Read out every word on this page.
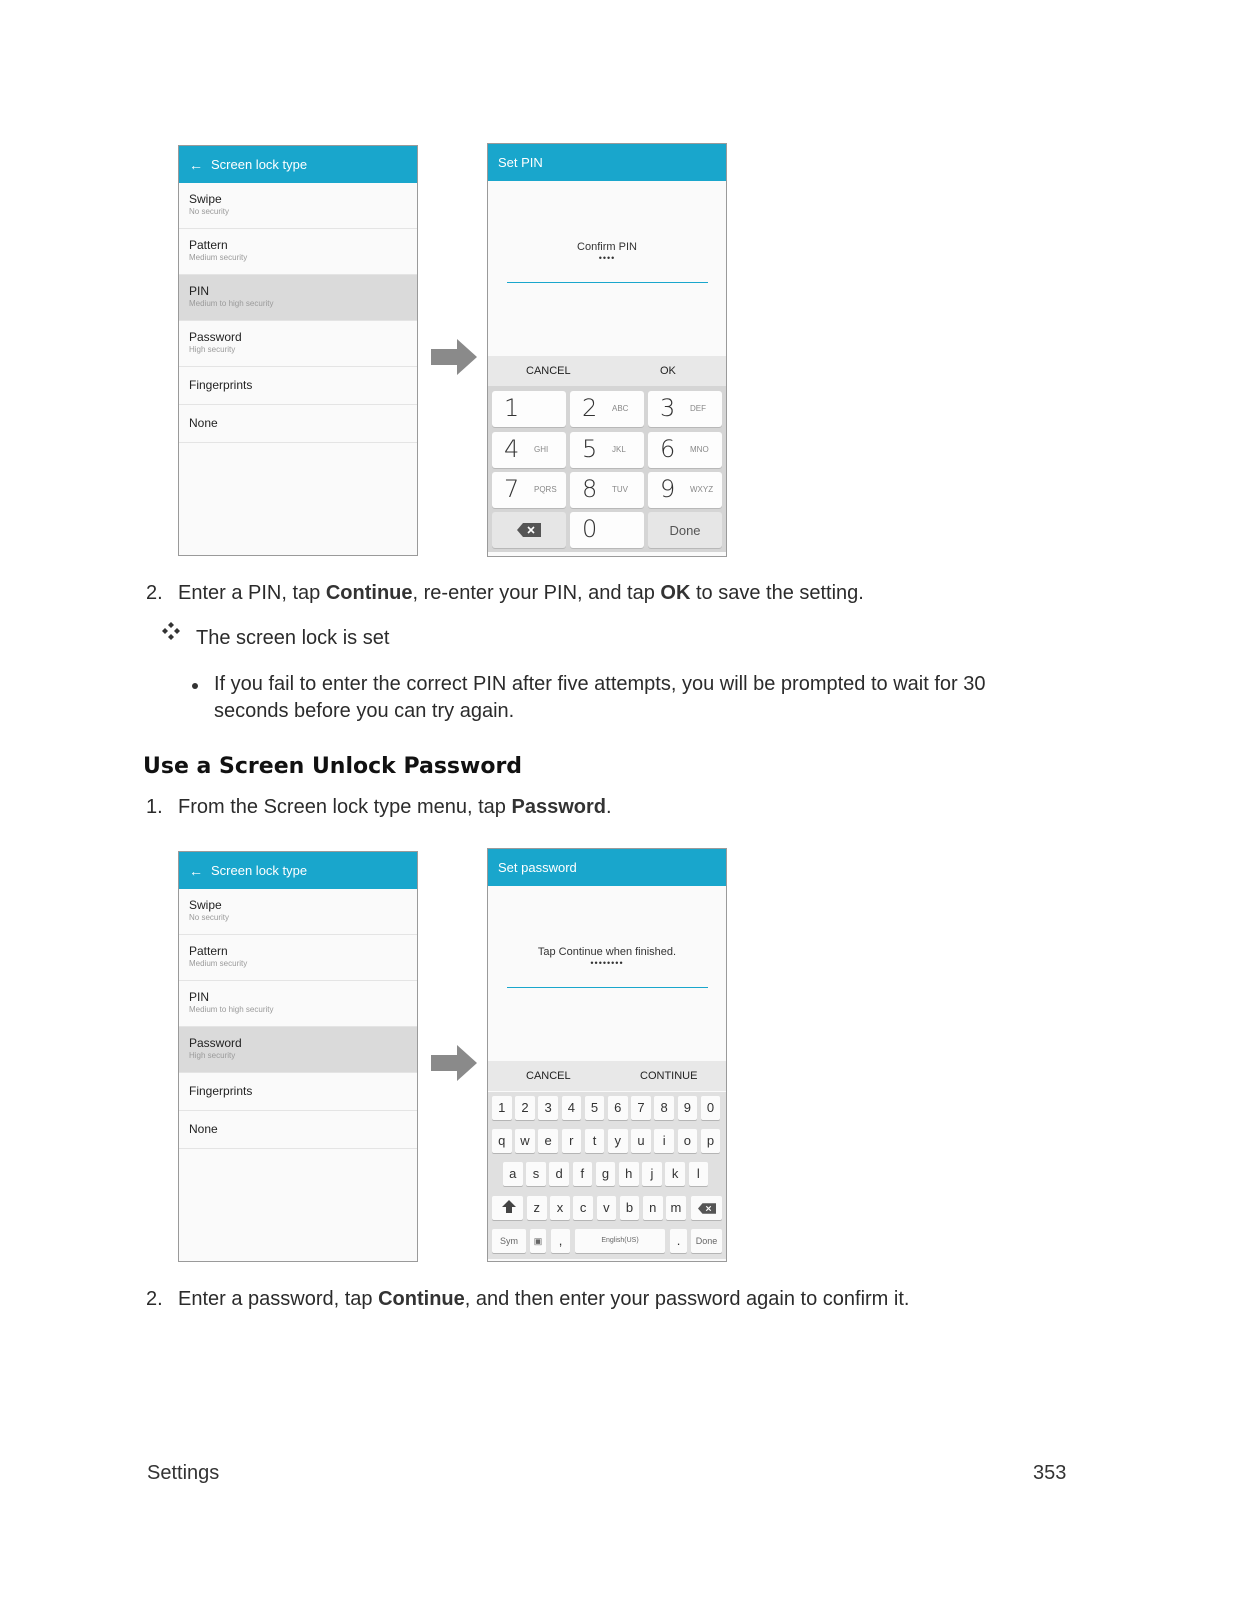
← Screen lock type
Swipe
No security
Pattern
Medium security
PIN
Medium to high security
Password
High security
Fingerprints
None
Set PIN
Confirm PIN
••••
CANCEL	OK
1	2 ABC 3 DEF
4 GHI 5 JKL 6 MNO
7 PQRS 8 TUV 9 WXYZ
0	Done
2. Enter a PIN, tap Continue, re-enter your PIN, and tap OK to save the setting.
The screen lock is set
If you fail to enter the correct PIN after five attempts, you will be prompted to wait for 30
seconds before you can try again.
Use a Screen Unlock Password
1. From the Screen lock type menu, tap Password.
← Screen lock type
Swipe
No security
Pattern
Medium security
PIN
Medium to high security
Password
High security
Fingerprints
None
Set password
Tap Continue when finished.
••••••••
CANCEL	CONTINUE
Sym	▣	,	English(US)	.	Done
1	2	3	4	5	6	7	8	9	0
q	w	e	r	t	y	u	i	o	p
a	s	d	f	g	h	j	k	l
z	x	c	v	b	n	m
2. Enter a password, tap Continue, and then enter your password again to confirm it.
Settings	353
